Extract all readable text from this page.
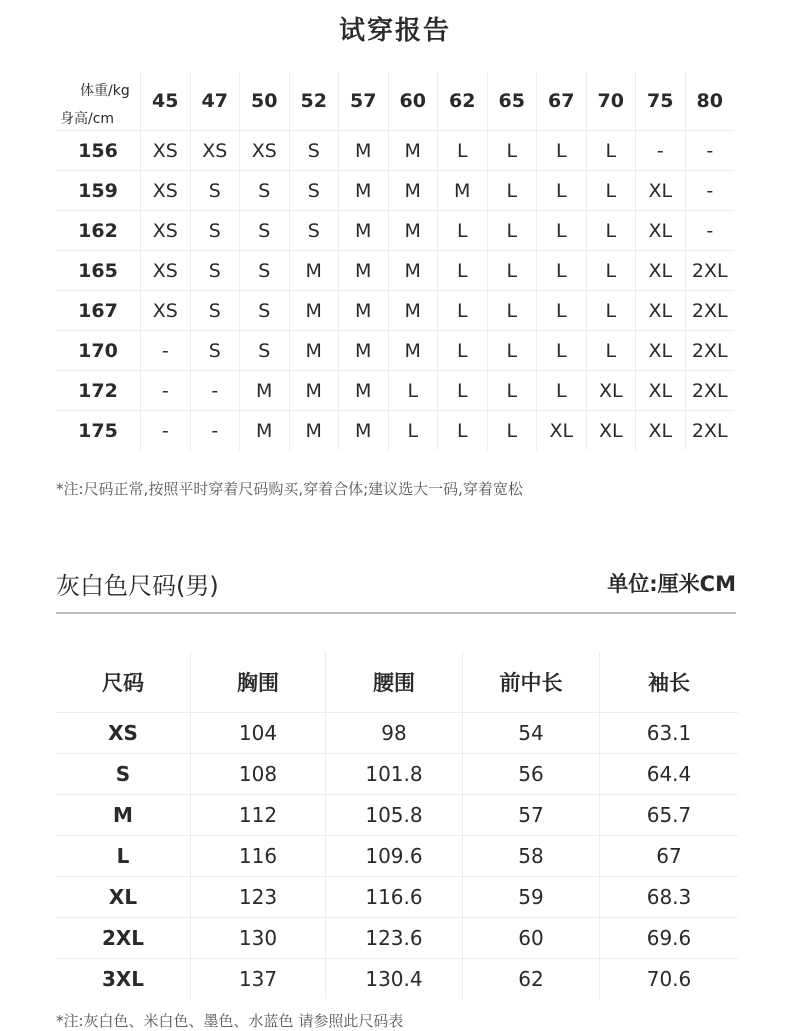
试穿报告
体重/kg
身高/cm	45	47	50	52	57	60	62	65	67	70	75	80
156	XS	XS	XS	S	M	M	L	L	L	L	-	-
159	XS	S	S	S	M	M	M	L	L	L	XL	-
162	XS	S	S	S	M	M	L	L	L	L	XL	-
165	XS	S	S	M	M	M	L	L	L	L	XL	2XL
167	XS	S	S	M	M	M	L	L	L	L	XL	2XL
170	-	S	S	M	M	M	L	L	L	L	XL	2XL
172	-	-	M	M	M	L	L	L	L	XL	XL	2XL
175	-	-	M	M	M	L	L	L	XL	XL	XL	2XL
*注:尺码正常,按照平时穿着尺码购买,穿着合体;建议选大一码,穿着宽松
灰白色尺码(男)	单位:厘米CM
尺码	胸围	腰围	前中长	袖长
XS	104	98	54	63.1
S	108	101.8	56	64.4
M	112	105.8	57	65.7
L	116	109.6	58	67
XL	123	116.6	59	68.3
2XL	130	123.6	60	69.6
3XL	137	130.4	62	70.6
*注:灰白色、米白色、墨色、水蓝色 请参照此尺码表
